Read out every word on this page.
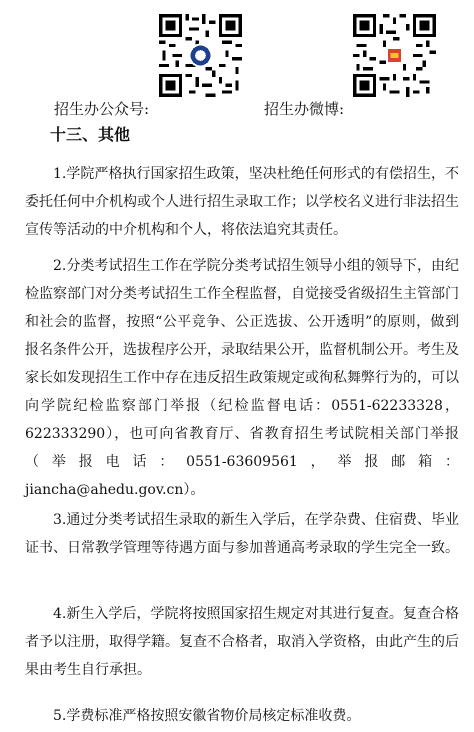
招生办公众号:	招生办微博:
十三、其他

1.学院严格执行国家招生政策，坚决杜绝任何形式的有偿招生，不委托任何中介机构或个人进行招生录取工作；以学校名义进行非法招生宣传等活动的中介机构和个人，将依法追究其责任。

2.分类考试招生工作在学院分类考试招生领导小组的领导下，由纪检监察部门对分类考试招生工作全程监督，自觉接受省级招生主管部门和社会的监督，按照“公平竞争、公正选拔、公开透明”的原则，做到报名条件公开，选拔程序公开，录取结果公开，监督机制公开。考生及家长如发现招生工作中存在违反招生政策规定或徇私舞弊行为的，可以向学院纪检监察部门举报（纪检监督电话：0551-62233328，622333290），也可向省教育厅、省教育招生考试院相关部门举报（举报电话：0551-63609561，举报邮箱：jiancha@ahedu.gov.cn）。

3.通过分类考试招生录取的新生入学后，在学杂费、住宿费、毕业证书、日常教学管理等待遇方面与参加普通高考录取的学生完全一致。

4.新生入学后，学院将按照国家招生规定对其进行复查。复查合格者予以注册，取得学籍。复查不合格者，取消入学资格，由此产生的后果由考生自行承担。

5.学费标准严格按照安徽省物价局核定标准收费。
